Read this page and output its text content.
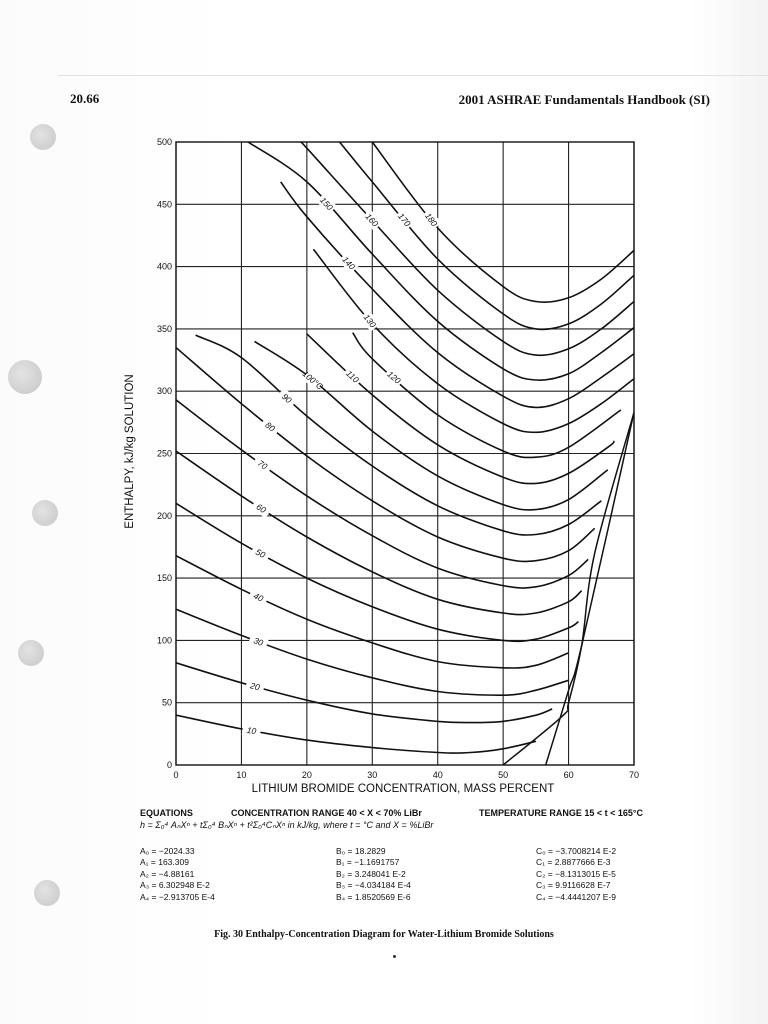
20.66	2001 ASHRAE Fundamentals Handbook (SI)
0	10	20	30	40	50	60	70
0
50
100
150
200
250
300
350
400
450
500
LITHIUM BROMIDE CONCENTRATION, MASS PERCENT
ENTHALPY, kJ/kg SOLUTION
10
20
30
40
50
60
70
80
90
100°C 110	120
130
140
150
160 170 180
EQUATIONS	CONCENTRATION RANGE 40 < X < 70% LiBr	TEMPERATURE RANGE 15 < t < 165°C
h = Σ₀⁴ AₙXⁿ + tΣ₀⁴ BₙXⁿ + t²Σ₀⁴CₙXⁿ in kJ/kg, where t = °C and X = %LiBr
A₀ = −2024.33
A₁ = 163.309
A₂ = −4.88161
A₃ = 6.302948 E-2
A₄ = −2.913705 E-4
B₀ = 18.2829
B₁ = −1.1691757
B₂ = 3.248041 E-2
B₃ = −4.034184 E-4
B₄ = 1.8520569 E-6
C₀ = −3.7008214 E-2
C₁ = 2.8877666 E-3
C₂ = −8.1313015 E-5
C₃ = 9.9116628 E-7
C₄ = −4.4441207 E-9
Fig. 30 Enthalpy-Concentration Diagram for Water-Lithium Bromide Solutions
